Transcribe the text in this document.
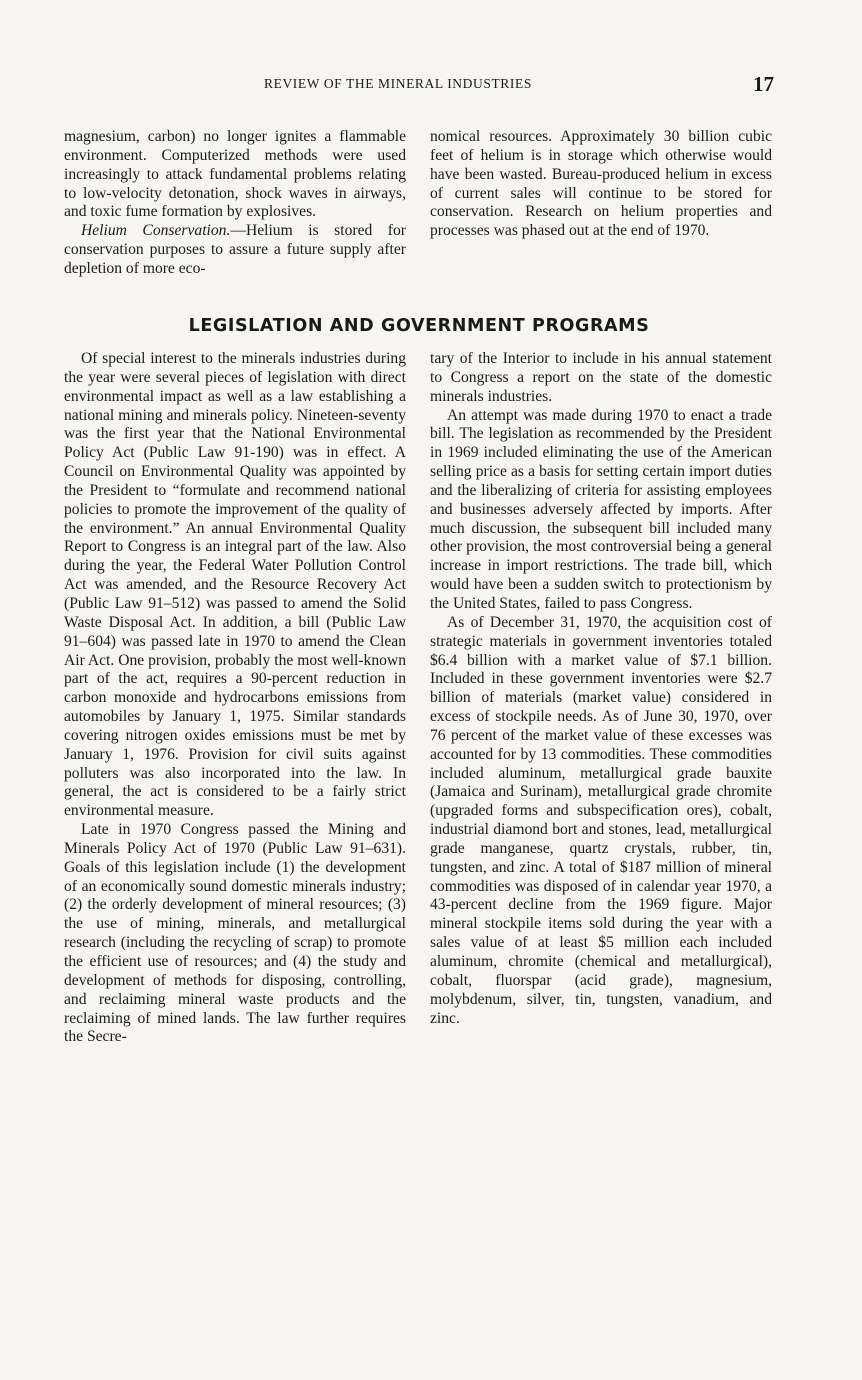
REVIEW OF THE MINERAL INDUSTRIES	17

magnesium, carbon) no longer ignites a flammable environment. Computerized methods were used increasingly to attack fundamental problems relating to low-velocity detonation, shock waves in airways, and toxic fume formation by explosives.

Helium Conservation.—Helium is stored for conservation purposes to assure a future supply after depletion of more eco-

nomical resources. Approximately 30 billion cubic feet of helium is in storage which otherwise would have been wasted. Bureau-produced helium in excess of current sales will continue to be stored for conservation. Research on helium properties and processes was phased out at the end of 1970.

LEGISLATION AND GOVERNMENT PROGRAMS

Of special interest to the minerals industries during the year were several pieces of legislation with direct environmental impact as well as a law establishing a national mining and minerals policy. Nineteen-seventy was the first year that the National Environmental Policy Act (Public Law 91-190) was in effect. A Council on Environmental Quality was appointed by the President to “formulate and recommend national policies to promote the improvement of the quality of the environment.” An annual Environmental Quality Report to Congress is an integral part of the law. Also during the year, the Federal Water Pollution Control Act was amended, and the Resource Recovery Act (Public Law 91–512) was passed to amend the Solid Waste Disposal Act. In addition, a bill (Public Law 91–604) was passed late in 1970 to amend the Clean Air Act. One provision, probably the most well-known part of the act, requires a 90-percent reduction in carbon monoxide and hydrocarbons emissions from automobiles by January 1, 1975. Similar standards covering nitrogen oxides emissions must be met by January 1, 1976. Provision for civil suits against polluters was also incorporated into the law. In general, the act is considered to be a fairly strict environmental measure.

Late in 1970 Congress passed the Mining and Minerals Policy Act of 1970 (Public Law 91–631). Goals of this legislation include (1) the development of an economically sound domestic minerals industry; (2) the orderly development of mineral resources; (3) the use of mining, minerals, and metallurgical research (including the recycling of scrap) to promote the efficient use of resources; and (4) the study and development of methods for disposing, controlling, and reclaiming mineral waste products and the reclaiming of mined lands. The law further requires the Secre-

tary of the Interior to include in his annual statement to Congress a report on the state of the domestic minerals industries.

An attempt was made during 1970 to enact a trade bill. The legislation as recommended by the President in 1969 included eliminating the use of the American selling price as a basis for setting certain import duties and the liberalizing of criteria for assisting employees and businesses adversely affected by imports. After much discussion, the subsequent bill included many other provision, the most controversial being a general increase in import restrictions. The trade bill, which would have been a sudden switch to protectionism by the United States, failed to pass Congress.

As of December 31, 1970, the acquisition cost of strategic materials in government inventories totaled $6.4 billion with a market value of $7.1 billion. Included in these government inventories were $2.7 billion of materials (market value) considered in excess of stockpile needs. As of June 30, 1970, over 76 percent of the market value of these excesses was accounted for by 13 commodities. These commodities included aluminum, metallurgical grade bauxite (Jamaica and Surinam), metallurgical grade chromite (upgraded forms and subspecification ores), cobalt, industrial diamond bort and stones, lead, metallurgical grade manganese, quartz crystals, rubber, tin, tungsten, and zinc. A total of $187 million of mineral commodities was disposed of in calendar year 1970, a 43-percent decline from the 1969 figure. Major mineral stockpile items sold during the year with a sales value of at least $5 million each included aluminum, chromite (chemical and metallurgical), cobalt, fluorspar (acid grade), magnesium, molybdenum, silver, tin, tungsten, vanadium, and zinc.
